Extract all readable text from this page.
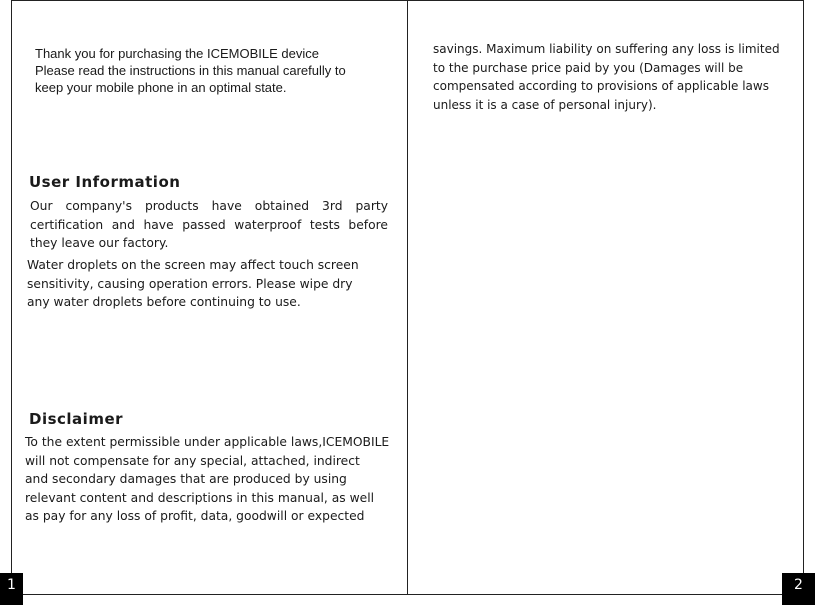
Thank you for purchasing the ICEMOBILE device
Please read the instructions in this manual carefully to
keep your mobile phone in an optimal state.
User Information
Our company's products have obtained 3rd party
certification and have passed waterproof tests before
they leave our factory.
Water droplets on the screen may affect touch screen
sensitivity, causing operation errors. Please wipe dry
any water droplets before continuing to use.
Disclaimer
To the extent permissible under applicable laws,ICEMOBILE
will not compensate for any special, attached, indirect
and secondary damages that are produced by using
relevant content and descriptions in this manual, as well
as pay for any loss of profit, data, goodwill or expected
1
savings. Maximum liability on suffering any loss is limited
to the purchase price paid by you (Damages will be
compensated according to provisions of applicable laws
unless it is a case of personal injury).
2
